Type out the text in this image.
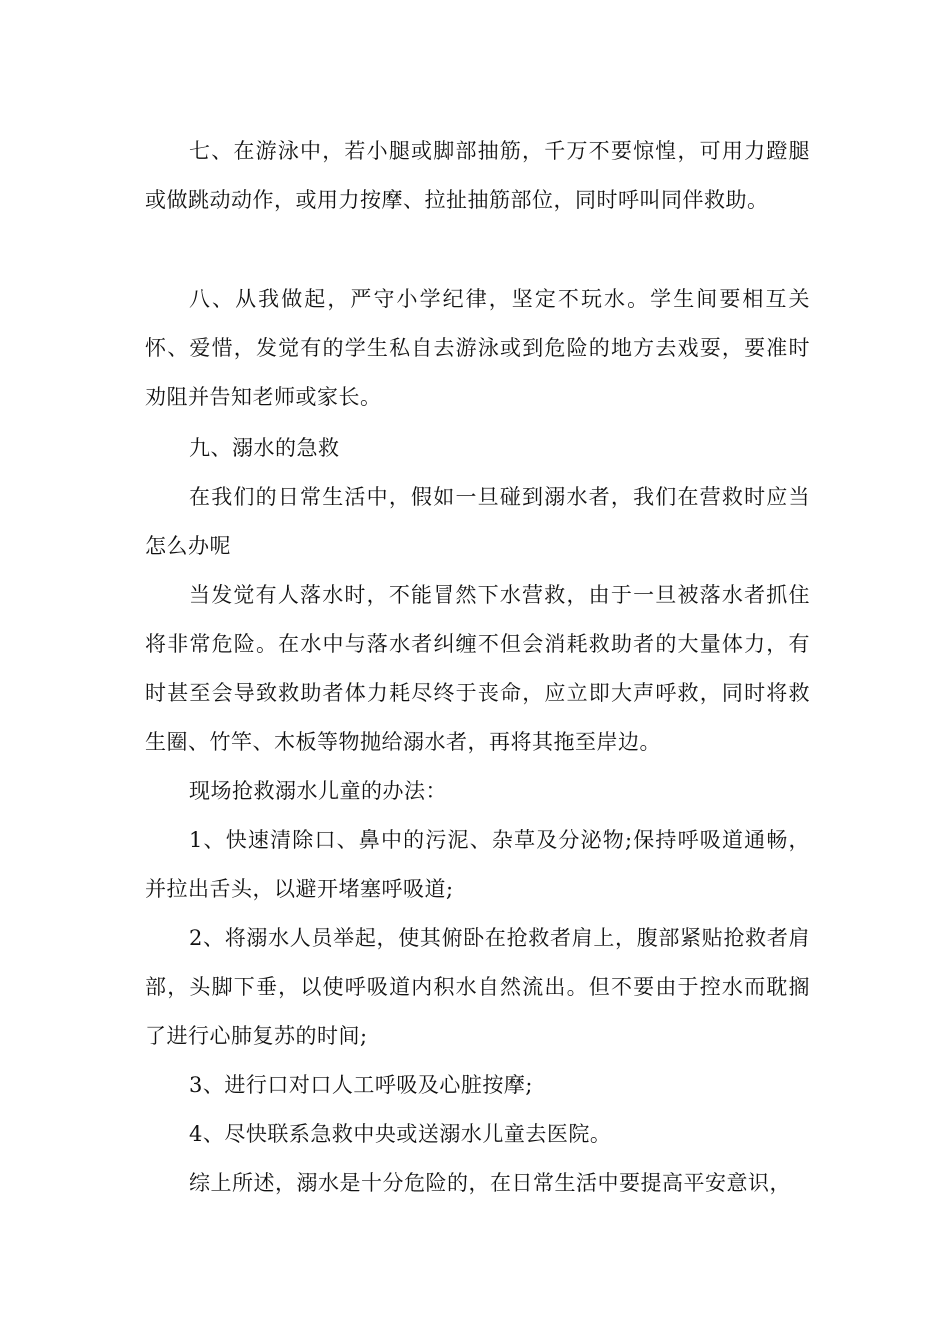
七、在游泳中，若小腿或脚部抽筋，千万不要惊惶，可用力蹬腿或做跳动动作，或用力按摩、拉扯抽筋部位，同时呼叫同伴救助。

八、从我做起，严守小学纪律，坚定不玩水。学生间要相互关怀、爱惜，发觉有的学生私自去游泳或到危险的地方去戏耍，要准时劝阻并告知老师或家长。

九、溺水的急救

在我们的日常生活中，假如一旦碰到溺水者，我们在营救时应当怎么办呢

当发觉有人落水时，不能冒然下水营救，由于一旦被落水者抓住将非常危险。在水中与落水者纠缠不但会消耗救助者的大量体力，有时甚至会导致救助者体力耗尽终于丧命，应立即大声呼救，同时将救生圈、竹竿、木板等物抛给溺水者，再将其拖至岸边。

现场抢救溺水儿童的办法：

1、快速清除口、鼻中的污泥、杂草及分泌物;保持呼吸道通畅，并拉出舌头，以避开堵塞呼吸道;

2、将溺水人员举起，使其俯卧在抢救者肩上，腹部紧贴抢救者肩部，头脚下垂，以使呼吸道内积水自然流出。但不要由于控水而耽搁了进行心肺复苏的时间;

3、进行口对口人工呼吸及心脏按摩;

4、尽快联系急救中央或送溺水儿童去医院。

综上所述，溺水是十分危险的，在日常生活中要提高平安意识，
